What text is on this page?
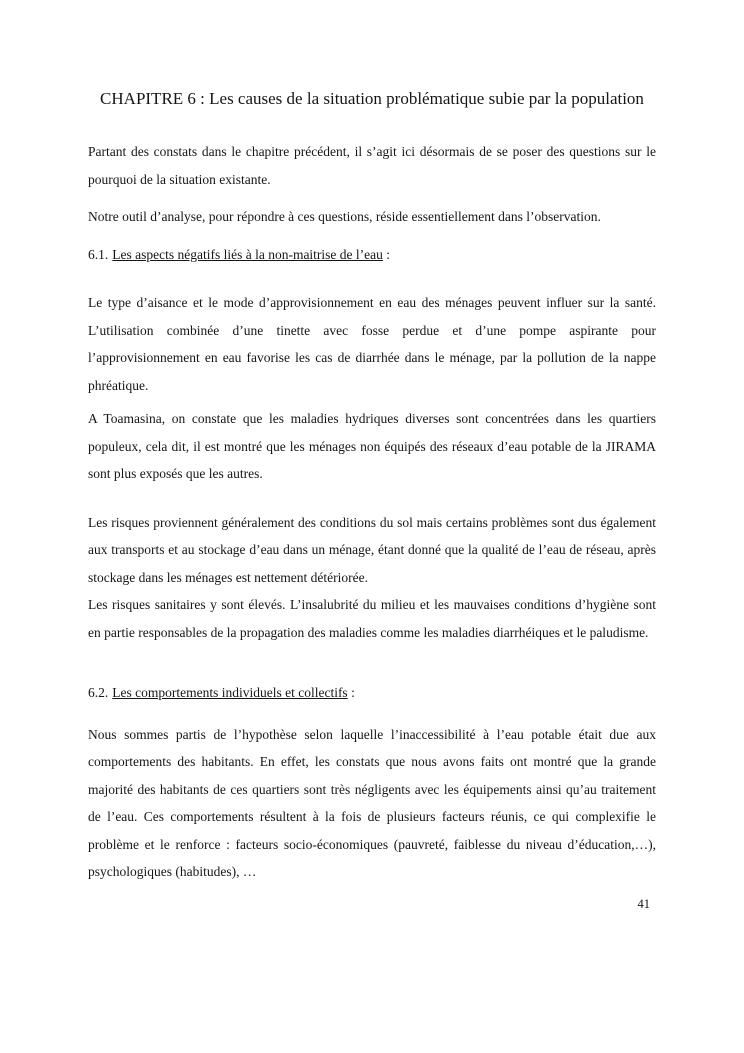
CHAPITRE 6 : Les causes de la situation problématique subie par la population

Partant des constats dans le chapitre précédent, il s’agit ici désormais de se poser des questions sur le pourquoi de la situation existante.

Notre outil d’analyse, pour répondre à ces questions, réside essentiellement dans l’observation.

6.1. Les aspects négatifs liés à la non-maitrise de l’eau :

Le type d’aisance et le mode d’approvisionnement en eau des ménages peuvent influer sur la santé. L’utilisation combinée d’une tinette avec fosse perdue et d’une pompe aspirante pour l’approvisionnement en eau favorise les cas de diarrhée dans le ménage, par la pollution de la nappe phréatique.

A Toamasina, on constate que les maladies hydriques diverses sont concentrées dans les quartiers populeux, cela dit, il est montré que les ménages non équipés des réseaux d’eau potable de la JIRAMA sont plus exposés que les autres.

Les risques proviennent généralement des conditions du sol mais certains problèmes sont dus également aux transports et au stockage d’eau dans un ménage, étant donné que la qualité de l’eau de réseau, après stockage dans les ménages est nettement détériorée.

Les risques sanitaires y sont élevés. L’insalubrité du milieu et les mauvaises conditions d’hygiène sont en partie responsables de la propagation des maladies comme les maladies diarrhéiques et le paludisme.

6.2. Les comportements individuels et collectifs :

Nous sommes partis de l’hypothèse selon laquelle l’inaccessibilité à l’eau potable était due aux comportements des habitants. En effet, les constats que nous avons faits ont montré que la grande majorité des habitants de ces quartiers sont très négligents avec les équipements ainsi qu’au traitement de l’eau. Ces comportements résultent à la fois de plusieurs facteurs réunis, ce qui complexifie le problème et le renforce : facteurs socio-économiques (pauvreté, faiblesse du niveau d’éducation,…), psychologiques (habitudes), …

41
